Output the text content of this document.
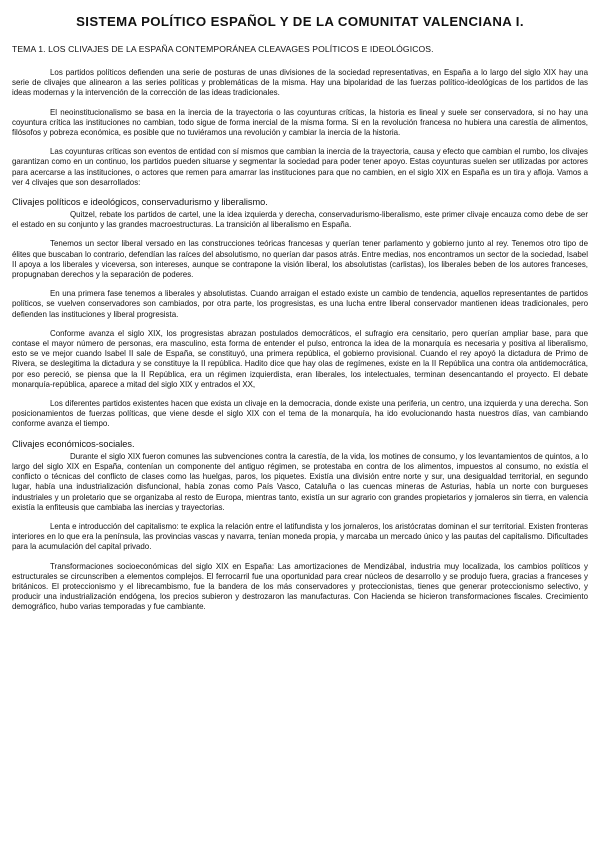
SISTEMA POLÍTICO ESPAÑOL Y DE LA COMUNITAT VALENCIANA I.
TEMA 1. LOS CLIVAJES DE LA ESPAÑA CONTEMPORÁNEA CLEAVAGES POLÍTICOS E IDEOLÓGICOS.

Los partidos políticos defienden una serie de posturas de unas divisiones de la sociedad representativas, en España a lo largo del siglo XIX hay una serie de clivajes que alinearon a las series políticas y problemáticas de la misma. Hay una bipolaridad de las fuerzas político-ideológicas de los partidos de las ideas modernas y la intervención de la corrección de las ideas tradicionales.

El neoinstitucionalismo se basa en la inercia de la trayectoria o las coyunturas críticas, la historia es lineal y suele ser conservadora, si no hay una coyuntura crítica las instituciones no cambian, todo sigue de forma inercial de la misma forma. Si en la revolución francesa no hubiera una carestía de alimentos, filósofos y pobreza económica, es posible que no tuviéramos una revolución y cambiar la inercia de la historia.

Las coyunturas críticas son eventos de entidad con sí mismos que cambian la inercia de la trayectoria, causa y efecto que cambian el rumbo, los clivajes garantizan como en un continuo, los partidos pueden situarse y segmentar la sociedad para poder tener apoyo. Estas coyunturas suelen ser utilizadas por actores para acercarse a las instituciones, o actores que remen para amarrar las instituciones para que no cambien, en el siglo XIX en España es un tira y afloja. Vamos a ver 4 clivajes que son desarrollados:

Clivajes políticos e ideológicos, conservadurismo y liberalismo.

Quitzel, rebate los partidos de cartel, une la idea izquierda y derecha, conservadurismo-liberalismo, este primer clivaje encauza como debe de ser el estado en su conjunto y las grandes macroestructuras. La transición al liberalismo en España.

Tenemos un sector liberal versado en las construcciones teóricas francesas y querían tener parlamento y gobierno junto al rey. Tenemos otro tipo de élites que buscaban lo contrario, defendían las raíces del absolutismo, no querían dar pasos atrás. Entre medias, nos encontramos un sector de la sociedad, Isabel II apoya a los liberales y viceversa, son intereses, aunque se contrapone la visión liberal, los absolutistas (carlistas), los liberales beben de los autores franceses, propugnaban derechos y la separación de poderes.

En una primera fase tenemos a liberales y absolutistas. Cuando arraigan el estado existe un cambio de tendencia, aquellos representantes de partidos políticos, se vuelven conservadores son cambiados, por otra parte, los progresistas, es una lucha entre liberal conservador mantienen ideas tradicionales, pero defienden las instituciones y liberal progresista.

Conforme avanza el siglo XIX, los progresistas abrazan postulados democráticos, el sufragio era censitario, pero querían ampliar base, para que contase el mayor número de personas, era masculino, esta forma de entender el pulso, entronca la idea de la monarquía es necesaria y positiva al liberalismo, esto se ve mejor cuando Isabel II sale de España, se constituyó, una primera república, el gobierno provisional. Cuando el rey apoyó la dictadura de Primo de Rivera, se deslegitima la dictadura y se constituye la II república. Hadito dice que hay olas de regímenes, existe en la II República una contra ola antidemocrática, por eso pereció, se piensa que la II República, era un régimen izquierdista, eran liberales, los intelectuales, terminan desencantando el proyecto. El debate monarquía-república, aparece a mitad del siglo XIX y entrados el XX,

Los diferentes partidos existentes hacen que exista un clivaje en la democracia, donde existe una periferia, un centro, una izquierda y una derecha. Son posicionamientos de fuerzas políticas, que viene desde el siglo XIX con el tema de la monarquía, ha ido evolucionando hasta nuestros días, van cambiando conforme avanza el tiempo.

Clivajes económicos-sociales.

Durante el siglo XIX fueron comunes las subvenciones contra la carestía, de la vida, los motines de consumo, y los levantamientos de quintos, a lo largo del siglo XIX en España, contenían un componente del antiguo régimen, se protestaba en contra de los alimentos, impuestos al consumo, no existía el conflicto o técnicas del conflicto de clases como las huelgas, paros, los piquetes. Existía una división entre norte y sur, una desigualdad territorial, en segundo lugar, había una industrialización disfuncional, había zonas como País Vasco, Cataluña o las cuencas mineras de Asturias, había un norte con burgueses industriales y un proletario que se organizaba al resto de Europa, mientras tanto, existía un sur agrario con grandes propietarios y jornaleros sin tierra, en valencia existía la enfiteusis que cambiaba las inercias y trayectorias.

Lenta e introducción del capitalismo: te explica la relación entre el latifundista y los jornaleros, los aristócratas dominan el sur territorial. Existen fronteras interiores en lo que era la península, las provincias vascas y navarra, tenían moneda propia, y marcaba un mercado único y las pautas del capitalismo. Dificultades para la acumulación del capital privado.

Transformaciones socioeconómicas del siglo XIX en España: Las amortizaciones de Mendizábal, industria muy localizada, los cambios políticos y estructurales se circunscriben a elementos complejos. El ferrocarril fue una oportunidad para crear núcleos de desarrollo y se produjo fuera, gracias a franceses y británicos. El proteccionismo y el librecambismo, fue la bandera de los más conservadores y proteccionistas, tienes que generar proteccionismo selectivo, y producir una industrialización endógena, los precios subieron y destrozaron las manufacturas. Con Hacienda se hicieron transformaciones fiscales. Crecimiento demográfico, hubo varias temporadas y fue cambiante.
